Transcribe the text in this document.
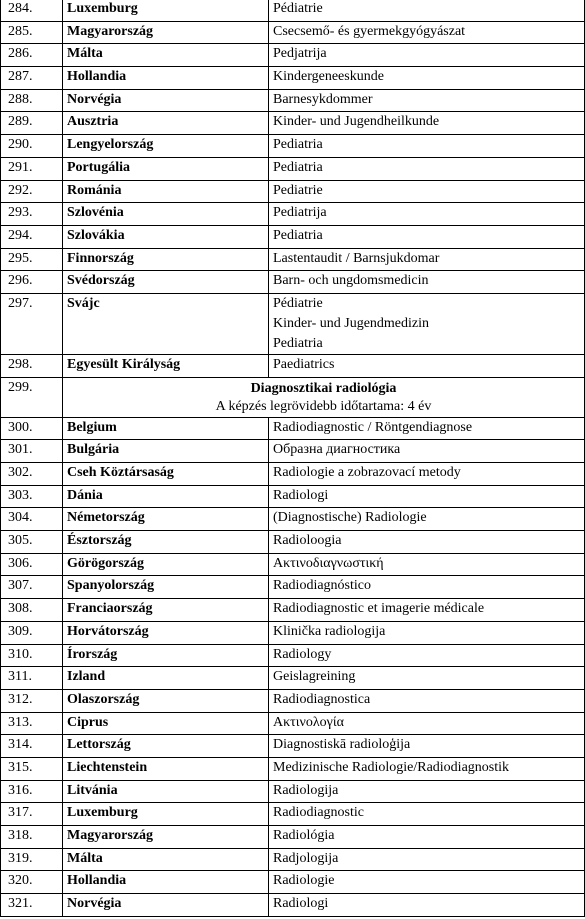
284.	Luxemburg	Pédiatrie

285.	Magyarország	Csecsemő- és gyermekgyógyászat

286.	Málta	Pedjatrija

287.	Hollandia	Kindergeneeskunde

288.	Norvégia	Barnesykdommer

289.	Ausztria	Kinder- und Jugendheilkunde

290.	Lengyelország	Pediatria

291.	Portugália	Pediatria

292.	Románia	Pediatrie

293.	Szlovénia	Pediatrija

294.	Szlovákia	Pediatria

295.	Finnország	Lastentaudit / Barnsjukdomar

296.	Svédország	Barn- och ungdomsmedicin

297.	Svájc	Pédiatrie
Kinder- und Jugendmedizin
Pediatria

298.	Egyesült Királyság	Paediatrics

299.	Diagnosztikai radiológia
A képzés legrövidebb időtartama: 4 év	

300.	Belgium	Radiodiagnostic / Röntgendiagnose

301.	Bulgária	Образна диагностика

302.	Cseh Köztársaság	Radiologie a zobrazovací metody

303.	Dánia	Radiologi

304.	Németország	(Diagnostische) Radiologie

305.	Észtország	Radioloogia

306.	Görögország	Ακτινοδιαγνωστική

307.	Spanyolország	Radiodiagnóstico

308.	Franciaország	Radiodiagnostic et imagerie médicale

309.	Horvátország	Klinička radiologija

310.	Írország	Radiology

311.	Izland	Geislagreining

312.	Olaszország	Radiodiagnostica

313.	Ciprus	Ακτινολογία

314.	Lettország	Diagnostiskā radioloģija

315.	Liechtenstein	Medizinische Radiologie/Radiodiagnostik

316.	Litvánia	Radiologija

317.	Luxemburg	Radiodiagnostic

318.	Magyarország	Radiológia

319.	Málta	Radjologija

320.	Hollandia	Radiologie

321.	Norvégia	Radiologi
